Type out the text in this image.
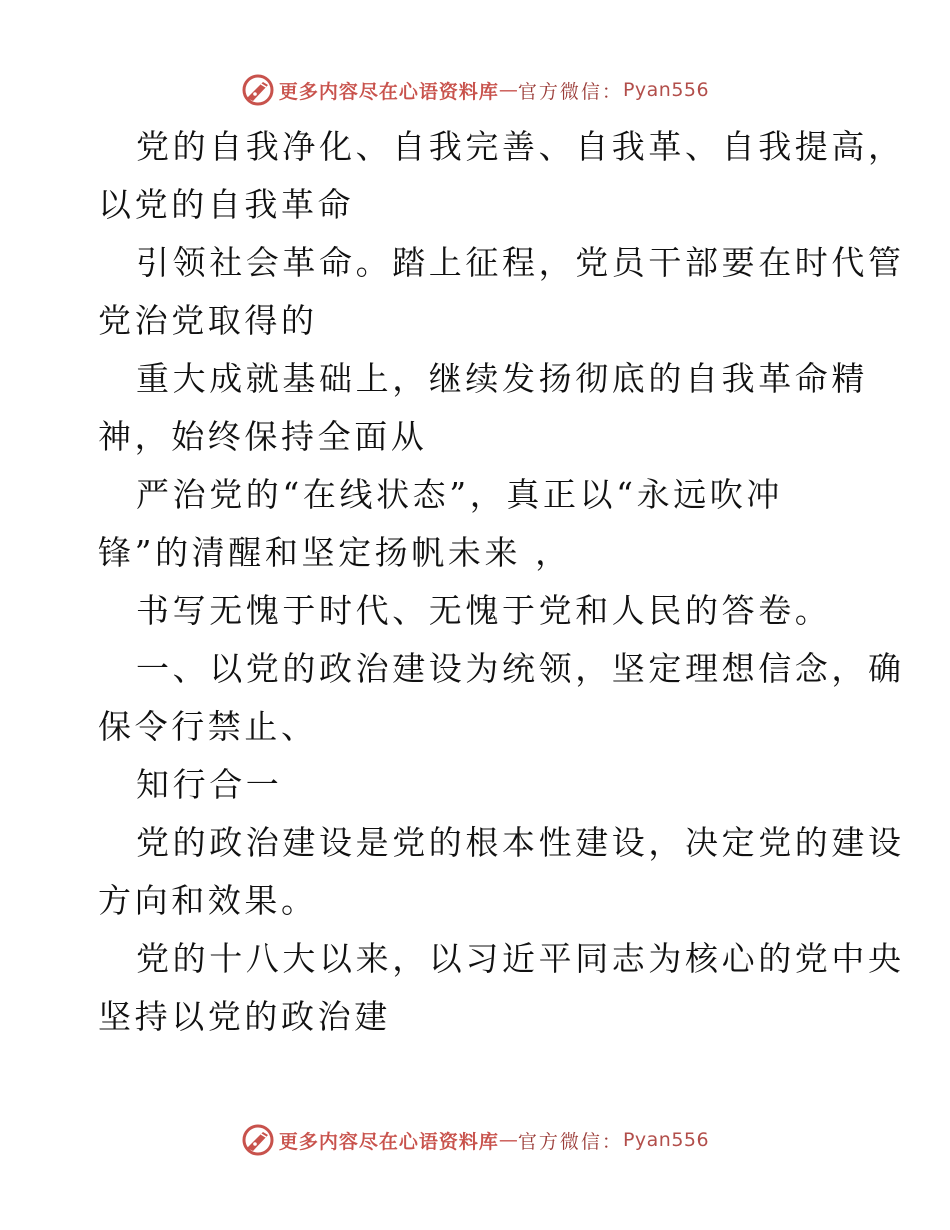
更多内容尽在心语资料库 — 官方微信： Pyan556
党的自我净化、自我完善、自我革、自我提高，
以党的自我革命
引领社会革命。踏上征程，党员干部要在时代管
党治党取得的
重大成就基础上，继续发扬彻底的自我革命精
神，始终保持全面从
严治党的“在线状态”，真正以“永远吹冲
锋”的清醒和坚定扬帆未来 ，
书写无愧于时代、无愧于党和人民的答卷。
一、以党的政治建设为统领，坚定理想信念，确
保令行禁止、
知行合一
党的政治建设是党的根本性建设，决定党的建设
方向和效果。
党的十八大以来，以习近平同志为核心的党中央
坚持以党的政治建
更多内容尽在心语资料库 — 官方微信： Pyan556
